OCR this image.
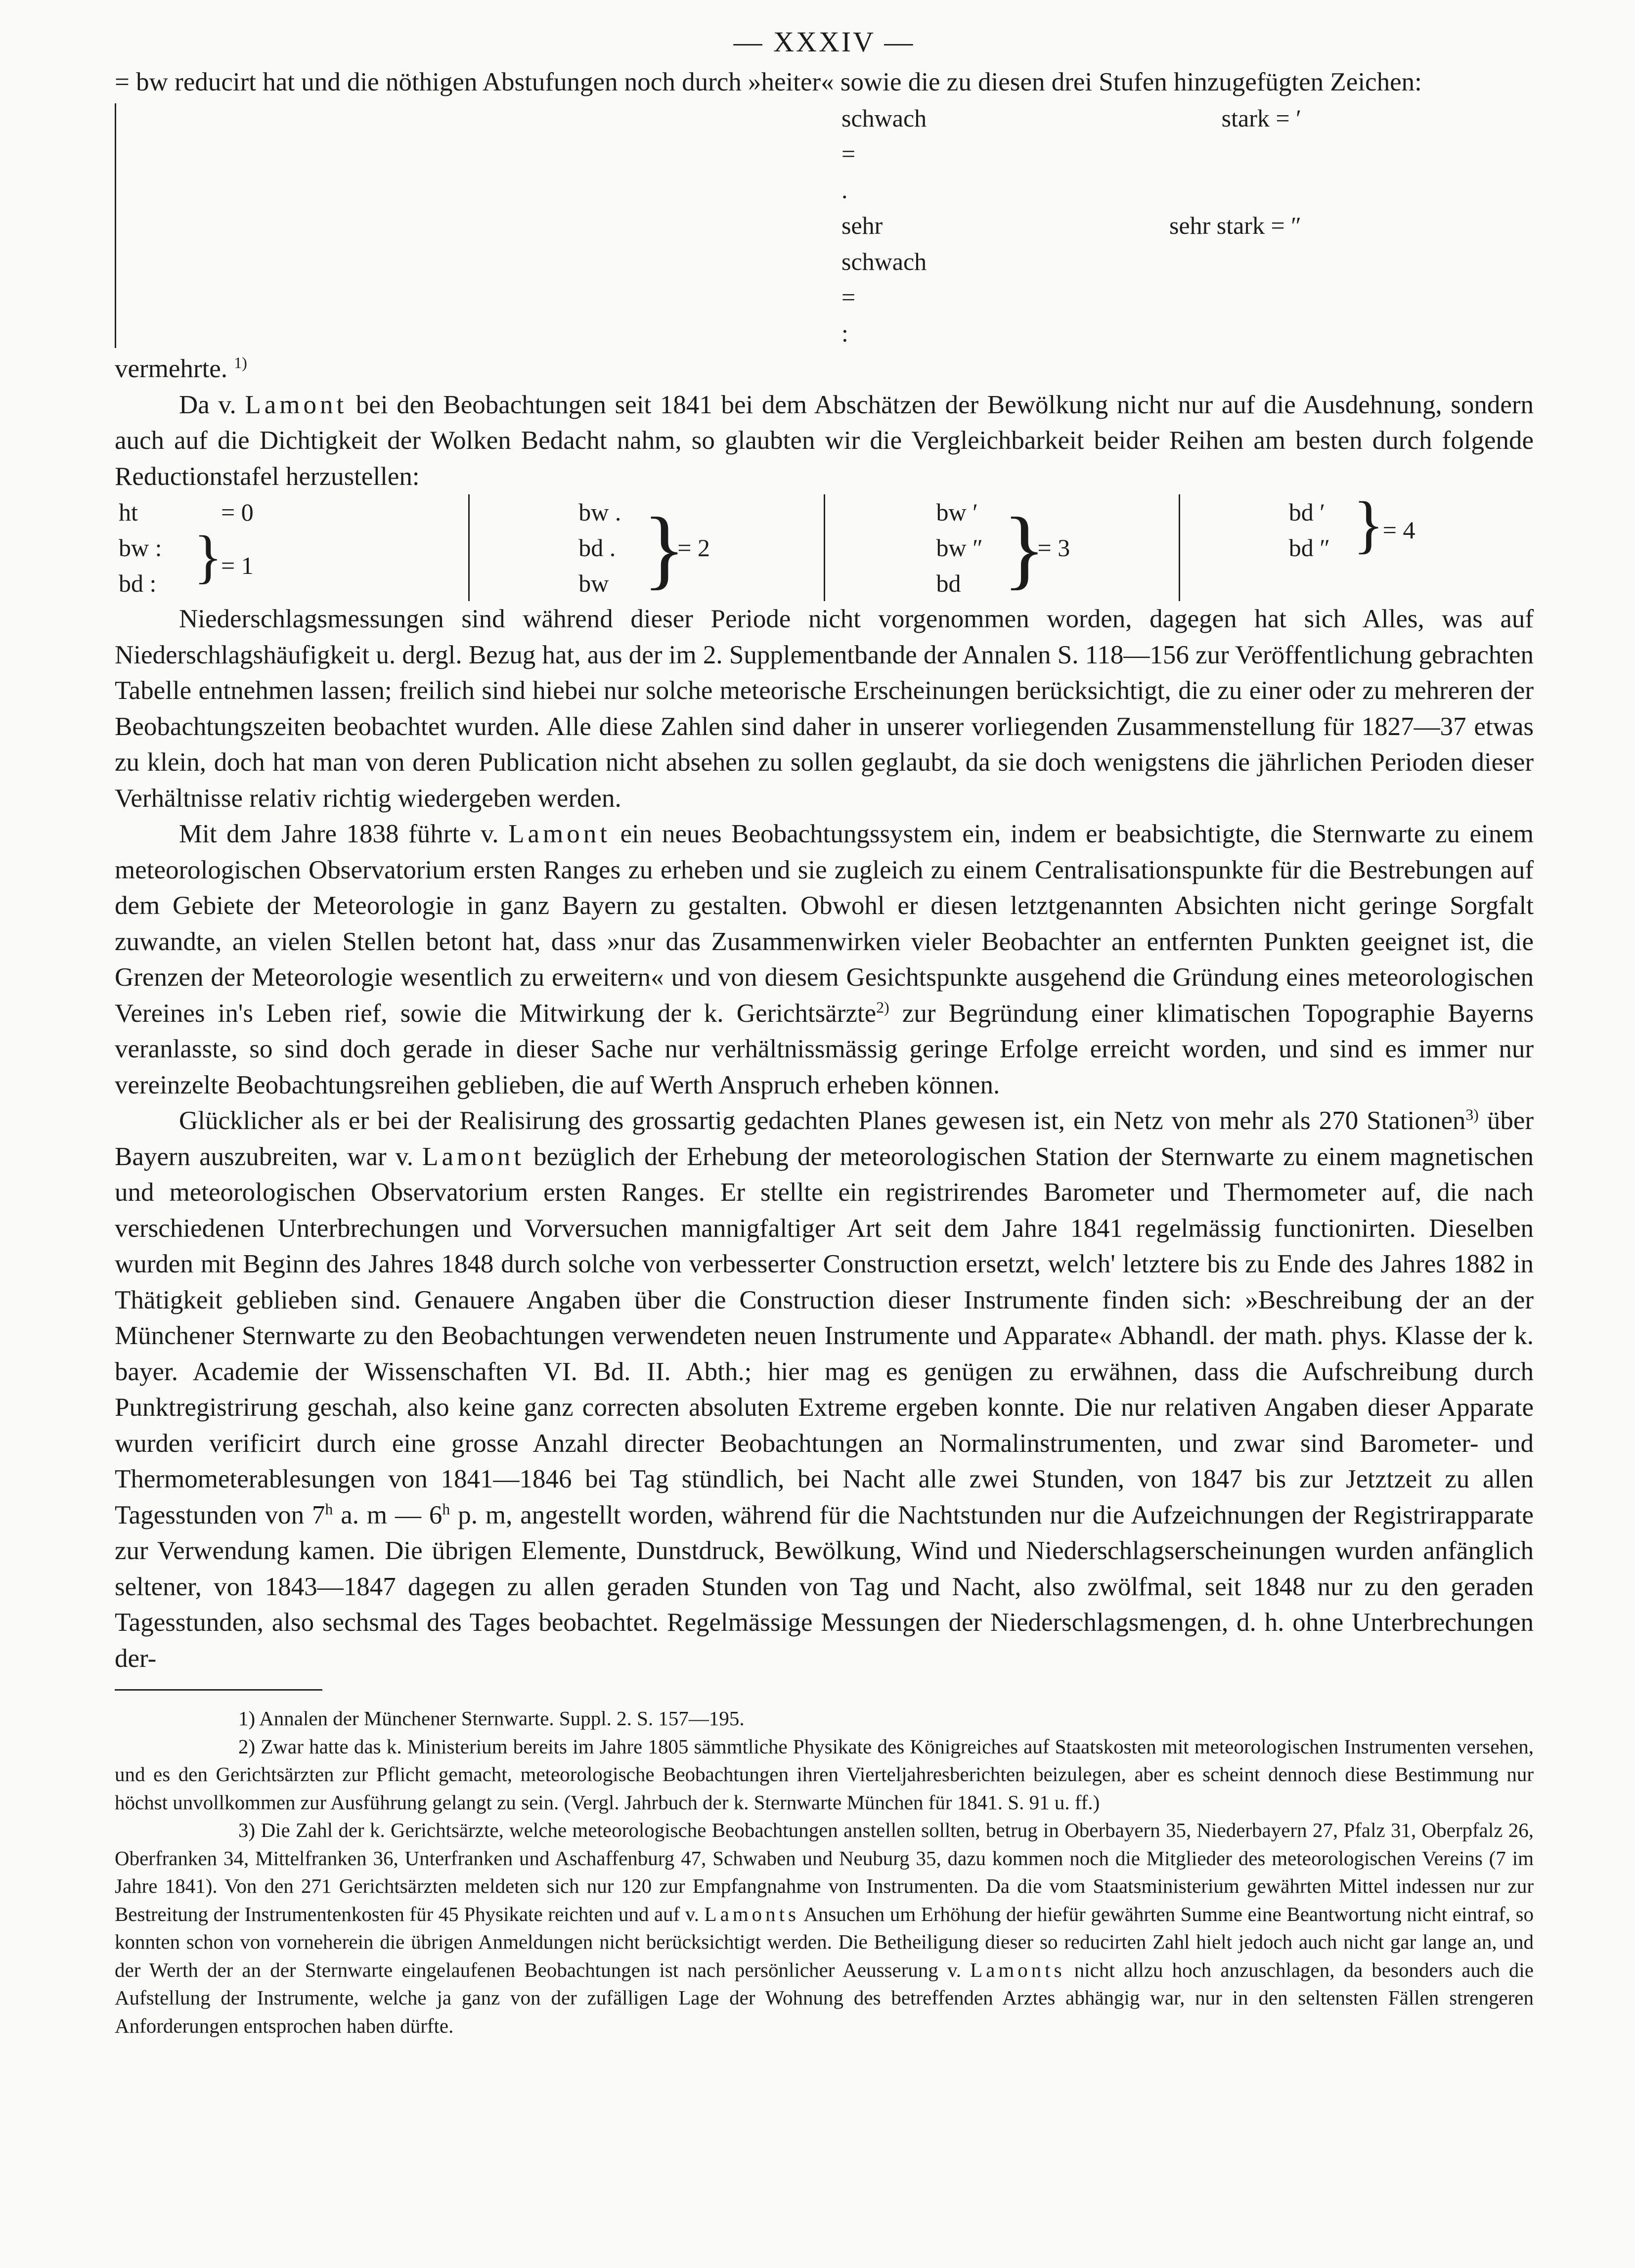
— XXXIV —

= bw reducirt hat und die nöthigen Abstufungen noch durch »heiter« sowie die zu diesen drei Stufen hinzugefügten Zeichen:

schwach = .
stark = ′
sehr schwach = :
sehr stark = ″

vermehrte. $^{1)}$

Da v. Lamont bei den Beobachtungen seit 1841 bei dem Abschätzen der Bewölkung nicht nur auf die Ausdehnung, sondern auch auf die Dichtigkeit der Wolken Bedacht nahm, so glaubten wir die Vergleichbarkeit beider Reihen am besten durch folgende Reductionstafel herzustellen:

ht
bw :
bd :
= 0
}
= 1
bw .
bd .
bw }
= 2
bw ′
bw ″
bd }
= 3
bd ′
bd ″ }
= 4

Niederschlagsmessungen sind während dieser Periode nicht vorgenommen worden, dagegen hat sich Alles, was auf Niederschlagshäufigkeit u. dergl. Bezug hat, aus der im 2. Supplementbande der Annalen S. 118—156 zur Veröffentlichung gebrachten Tabelle entnehmen lassen; freilich sind hiebei nur solche meteorische Erscheinungen berücksichtigt, die zu einer oder zu mehreren der Beobachtungszeiten beobachtet wurden. Alle diese Zahlen sind daher in unserer vorliegenden Zusammenstellung für 1827—37 etwas zu klein, doch hat man von deren Publication nicht absehen zu sollen geglaubt, da sie doch wenigstens die jährlichen Perioden dieser Verhältnisse relativ richtig wiedergeben werden.

Mit dem Jahre 1838 führte v. Lamont ein neues Beobachtungssystem ein, indem er beabsichtigte, die Sternwarte zu einem meteorologischen Observatorium ersten Ranges zu erheben und sie zugleich zu einem Centralisationspunkte für die Bestrebungen auf dem Gebiete der Meteorologie in ganz Bayern zu gestalten. Obwohl er diesen letztgenannten Absichten nicht geringe Sorgfalt zuwandte, an vielen Stellen betont hat, dass »nur das Zusammenwirken vieler Beobachter an entfernten Punkten geeignet ist, die Grenzen der Meteorologie wesentlich zu erweitern« und von diesem Gesichtspunkte ausgehend die Gründung eines meteorologischen Vereines in's Leben rief, sowie die Mitwirkung der k. Gerichtsärzte$^{2)}$ zur Begründung einer klimatischen Topographie Bayerns veranlasste, so sind doch gerade in dieser Sache nur verhältnissmässig geringe Erfolge erreicht worden, und sind es immer nur vereinzelte Beobachtungsreihen geblieben, die auf Werth Anspruch erheben können.

Glücklicher als er bei der Realisirung des grossartig gedachten Planes gewesen ist, ein Netz von mehr als 270 Stationen$^{3)}$ über Bayern auszubreiten, war v. Lamont bezüglich der Erhebung der meteorologischen Station der Sternwarte zu einem magnetischen und meteorologischen Observatorium ersten Ranges. Er stellte ein registrirendes Barometer und Thermometer auf, die nach verschiedenen Unterbrechungen und Vorversuchen mannigfaltiger Art seit dem Jahre 1841 regelmässig functionirten. Dieselben wurden mit Beginn des Jahres 1848 durch solche von verbesserter Construction ersetzt, welch' letztere bis zu Ende des Jahres 1882 in Thätigkeit geblieben sind. Genauere Angaben über die Construction dieser Instrumente finden sich: »Beschreibung der an der Münchener Sternwarte zu den Beobachtungen verwendeten neuen Instrumente und Apparate« Abhandl. der math. phys. Klasse der k. bayer. Academie der Wissenschaften VI. Bd. II. Abth.; hier mag es genügen zu erwähnen, dass die Aufschreibung durch Punktregistrirung geschah, also keine ganz correcten absoluten Extreme ergeben konnte. Die nur relativen Angaben dieser Apparate wurden verificirt durch eine grosse Anzahl directer Beobachtungen an Normalinstrumenten, und zwar sind Barometer- und Thermometerablesungen von 1841—1846 bei Tag stündlich, bei Nacht alle zwei Stunden, von 1847 bis zur Jetztzeit zu allen Tagesstunden von 7$^h$ a. m — 6$^h$ p. m, angestellt worden, während für die Nachtstunden nur die Aufzeichnungen der Registrirapparate zur Verwendung kamen. Die übrigen Elemente, Dunstdruck, Bewölkung, Wind und Niederschlagserscheinungen wurden anfänglich seltener, von 1843—1847 dagegen zu allen geraden Stunden von Tag und Nacht, also zwölfmal, seit 1848 nur zu den geraden Tagesstunden, also sechsmal des Tages beobachtet. Regelmässige Messungen der Niederschlagsmengen, d. h. ohne Unterbrechungen der-

1) Annalen der Münchener Sternwarte. Suppl. 2. S. 157—195.

2) Zwar hatte das k. Ministerium bereits im Jahre 1805 sämmtliche Physikate des Königreiches auf Staatskosten mit meteorologischen Instrumenten versehen, und es den Gerichtsärzten zur Pflicht gemacht, meteorologische Beobachtungen ihren Vierteljahresberichten beizulegen, aber es scheint dennoch diese Bestimmung nur höchst unvollkommen zur Ausführung gelangt zu sein. (Vergl. Jahrbuch der k. Sternwarte München für 1841. S. 91 u. ff.)

3) Die Zahl der k. Gerichtsärzte, welche meteorologische Beobachtungen anstellen sollten, betrug in Oberbayern 35, Niederbayern 27, Pfalz 31, Oberpfalz 26, Oberfranken 34, Mittelfranken 36, Unterfranken und Aschaffenburg 47, Schwaben und Neuburg 35, dazu kommen noch die Mitglieder des meteorologischen Vereins (7 im Jahre 1841). Von den 271 Gerichtsärzten meldeten sich nur 120 zur Empfangnahme von Instrumenten. Da die vom Staatsministerium gewährten Mittel indessen nur zur Bestreitung der Instrumentenkosten für 45 Physikate reichten und auf v. Lamonts Ansuchen um Erhöhung der hiefür gewährten Summe eine Beantwortung nicht eintraf, so konnten schon von vorneherein die übrigen Anmeldungen nicht berücksichtigt werden. Die Betheiligung dieser so reducirten Zahl hielt jedoch auch nicht gar lange an, und der Werth der an der Sternwarte eingelaufenen Beobachtungen ist nach persönlicher Aeusserung v. Lamonts nicht allzu hoch anzuschlagen, da besonders auch die Aufstellung der Instrumente, welche ja ganz von der zufälligen Lage der Wohnung des betreffenden Arztes abhängig war, nur in den seltensten Fällen strengeren Anforderungen entsprochen haben dürfte.
